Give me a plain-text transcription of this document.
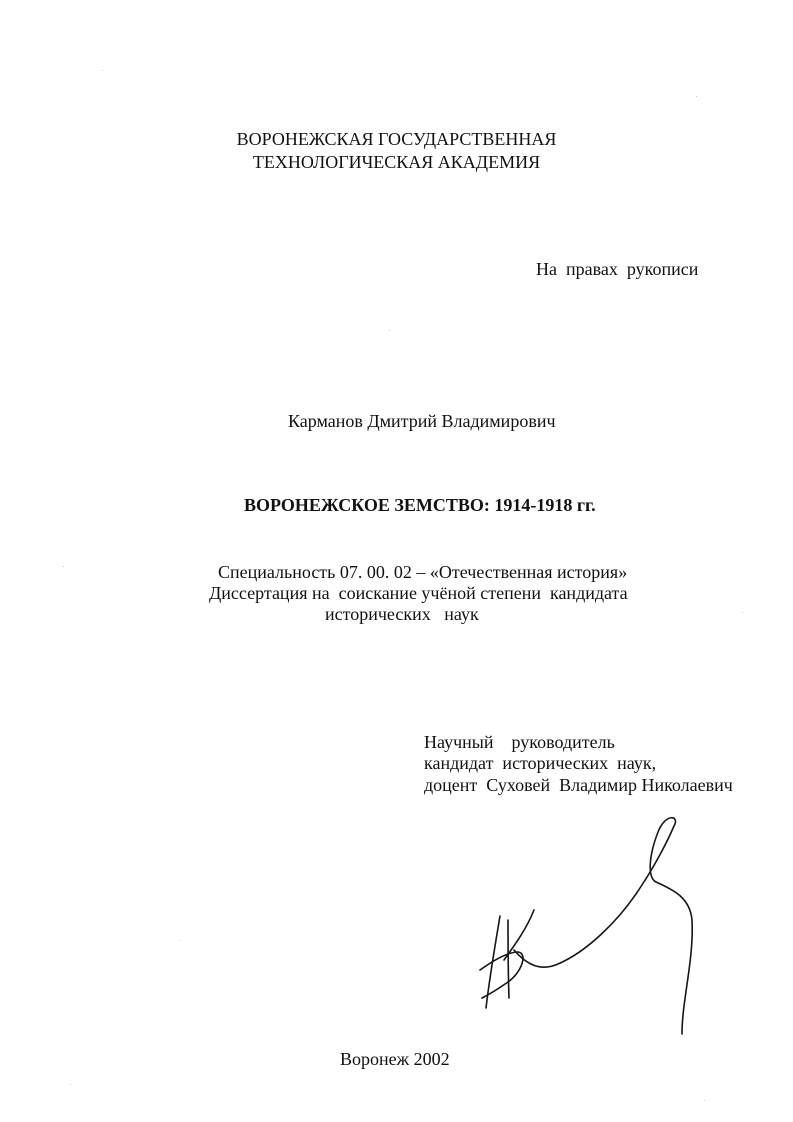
ВОРОНЕЖСКАЯ ГОСУДАРСТВЕННАЯ
ТЕХНОЛОГИЧЕСКАЯ АКАДЕМИЯ
На  правах  рукописи
Карманов Дмитрий Владимирович
ВОРОНЕЖСКОЕ ЗЕМСТВО: 1914-1918 гг.
Специальность 07. 00. 02 – «Отечественная история»
Диссертация на  соискание учёной степени  кандидата
исторических   наук
Научный    руководитель
кандидат  исторических  наук,
доцент  Суховей  Владимир Николаевич
Воронеж 2002
